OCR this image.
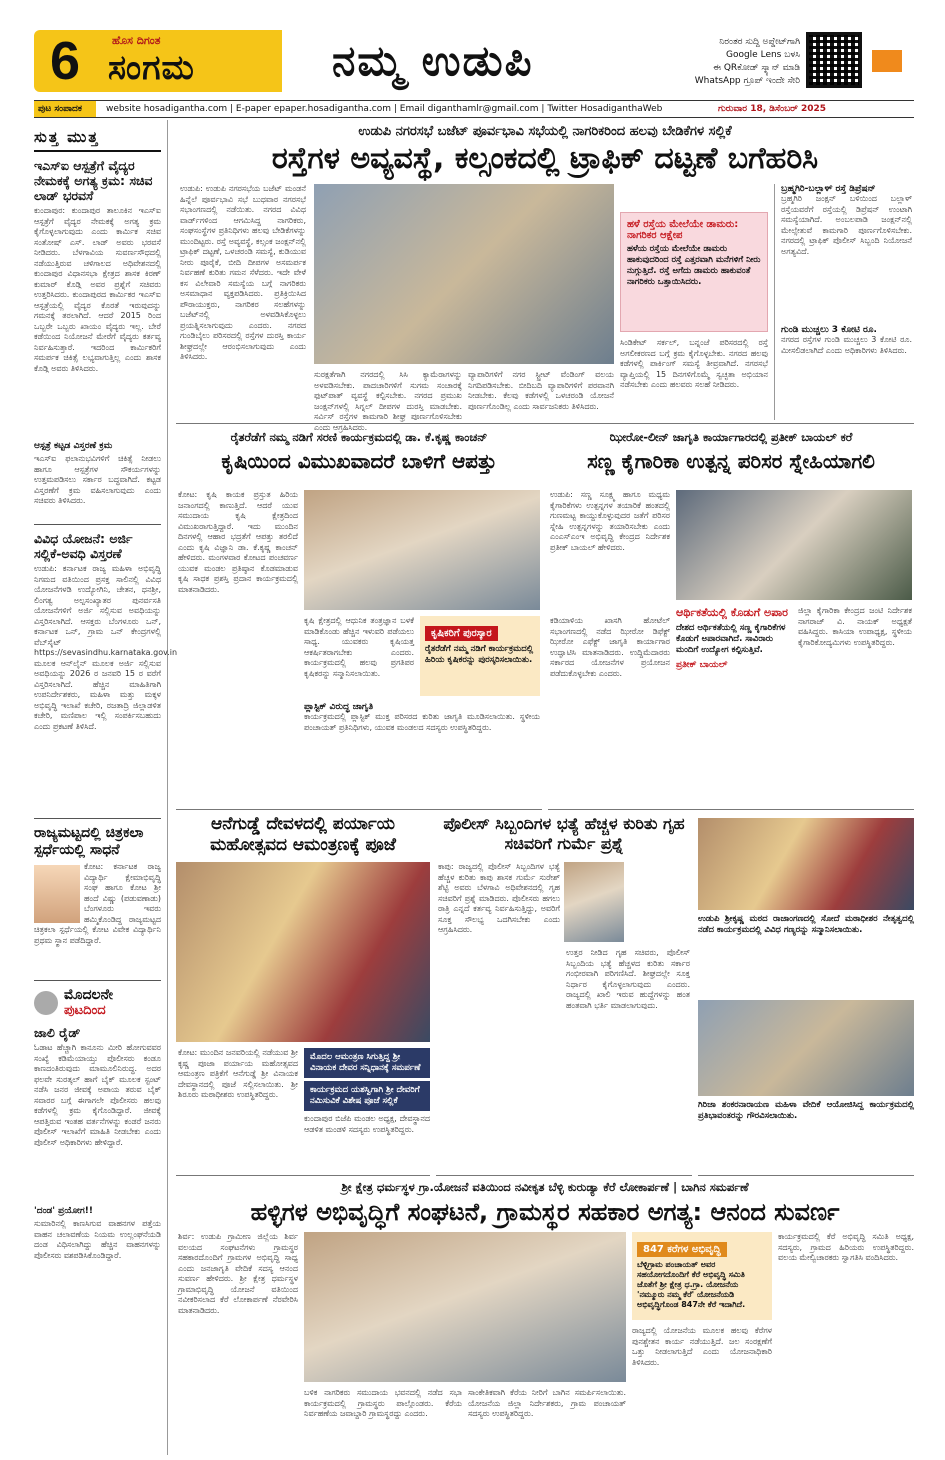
6	ಹೊಸ ದಿಗಂತ
ಸಂಗಮ	ನಮ್ಮ ಉಡುಪಿ	ನಿರಂತರ ಸುದ್ದಿ ಅಪ್ಡೇಟ್‌ಗಾಗಿ
Google Lens ಬಳಸಿ
ಈ QRಕೋಡ್ ಸ್ಕ್ಯಾನ್ ಮಾಡಿ
WhatsApp ಗ್ರೂಪ್ ಇಂದೇ ಸೇರಿ
ಪುಟ ಸಂಪಾದಕ	website hosadigantha.com | E-paper epaper.hosadigantha.com | Email diganthamlr@gmail.com | Twitter HosadiganthaWeb	ಗುರುವಾರ 18, ಡಿಸೆಂಬರ್ 2025
ಸುತ್ತ ಮುತ್ತ
ಇಎಸ್‌ಐ ಆಸ್ಪತ್ರೆಗೆ ವೈದ್ಯರ ನೇಮಕಕ್ಕೆ ಅಗತ್ಯ ಕ್ರಮ: ಸಚಿವ ಲಾಡ್ ಭರವಸೆ
ಕುಂದಾಪುರ: ಕುಂದಾಪುರ ತಾಲೂಕಿನ ಇಎಸ್‌ಐ ಆಸ್ಪತ್ರೆಗೆ ವೈದ್ಯರ ನೇಮಕಕ್ಕೆ ಅಗತ್ಯ ಕ್ರಮ ಕೈಗೊಳ್ಳಲಾಗುವುದು ಎಂದು ಕಾರ್ಮಿಕ ಸಚಿವ ಸಂತೋಷ್ ಎಸ್. ಲಾಡ್ ಅವರು ಭರವಸೆ ನೀಡಿದರು. ಬೆಳಗಾವಿಯ ಸುವರ್ಣಸೌಧದಲ್ಲಿ ನಡೆಯುತ್ತಿರುವ ಚಳಿಗಾಲದ ಅಧಿವೇಶನದಲ್ಲಿ ಕುಂದಾಪುರ ವಿಧಾನಸಭಾ ಕ್ಷೇತ್ರದ ಶಾಸಕ ಕಿರಣ್ ಕುಮಾರ್ ಕೊಡ್ಗಿ ಅವರ ಪ್ರಶ್ನೆಗೆ ಸಚಿವರು ಉತ್ತರಿಸಿದರು. ಕುಂದಾಪುರದ ಕಾರ್ಮಿಕರ ಇಎಸ್‌ಐ ಆಸ್ಪತ್ರೆಯಲ್ಲಿ ವೈದ್ಯರ ಕೊರತೆ ಇರುವುದನ್ನು ಗಮನಕ್ಕೆ ತರಲಾಗಿದೆ. ಆದರೆ 2015 ರಿಂದ ಒಬ್ಬರೇ ಒಬ್ಬರು ಖಾಯಂ ವೈದ್ಯರು ಇಲ್ಲ. ಬೇರೆ ಕಡೆಯಿಂದ ನಿಯೋಜನೆ ಮೇರೆಗೆ ವೈದ್ಯರು ಕರ್ತವ್ಯ ನಿರ್ವಹಿಸುತ್ತಾರೆ. ಇದರಿಂದ ಕಾರ್ಮಿಕರಿಗೆ ಸಮರ್ಪಕ ಚಿಕಿತ್ಸೆ ಲಭ್ಯವಾಗುತ್ತಿಲ್ಲ ಎಂದು ಶಾಸಕ ಕೊಡ್ಗಿ ಅವರು ತಿಳಿಸಿದರು.
ಆಸ್ಪತ್ರೆ ಕಟ್ಟಡ ವಿಸ್ತರಣೆ ಕ್ರಮ
ಇಎಸ್‌ಐ ಫಲಾನುಭವಿಗಳಿಗೆ ಚಿಕಿತ್ಸೆ ನೀಡಲು ಹಾಗೂ ಆಸ್ಪತ್ರೆಗಳ ಸೌಕರ್ಯಗಳನ್ನು ಉತ್ತಮಪಡಿಸಲು ಸರ್ಕಾರ ಬದ್ಧವಾಗಿದೆ. ಕಟ್ಟಡ ವಿಸ್ತರಣೆಗೆ ಕ್ರಮ ವಹಿಸಲಾಗುವುದು ಎಂದು ಸಚಿವರು ತಿಳಿಸಿದರು.
ವಿವಿಧ ಯೋಜನೆ: ಅರ್ಜಿ ಸಲ್ಲಿಕೆ-ಅವಧಿ ವಿಸ್ತರಣೆ
ಉಡುಪಿ: ಕರ್ನಾಟಕ ರಾಜ್ಯ ಮಹಿಳಾ ಅಭಿವೃದ್ಧಿ ನಿಗಮದ ವತಿಯಿಂದ ಪ್ರಸಕ್ತ ಸಾಲಿನಲ್ಲಿ ವಿವಿಧ ಯೋಜನೆಗಳಡಿ ಉದ್ಯೋಗಿನಿ, ಚೇತನ, ಧನಶ್ರೀ, ಲಿಂಗತ್ವ ಅಲ್ಪಸಂಖ್ಯಾತರ ಪುನರ್ವಸತಿ ಯೋಜನೆಗಳಿಗೆ ಅರ್ಜಿ ಸಲ್ಲಿಸುವ ಅವಧಿಯನ್ನು ವಿಸ್ತರಿಸಲಾಗಿದೆ. ಆಸಕ್ತರು ಬೆಂಗಳೂರು ಒನ್, ಕರ್ನಾಟಕ ಒನ್, ಗ್ರಾಮ ಒನ್ ಕೇಂದ್ರಗಳಲ್ಲಿ ವೆಬ್‌ಸೈಟ್ https://sevasindhu.karnataka.gov.in ಮೂಲಕ ಆನ್‌ಲೈನ್ ಮೂಲಕ ಅರ್ಜಿ ಸಲ್ಲಿಸುವ ಅವಧಿಯನ್ನು 2026 ರ ಜನವರಿ 15 ರ ವರೆಗೆ ವಿಸ್ತರಿಸಲಾಗಿದೆ. ಹೆಚ್ಚಿನ ಮಾಹಿತಿಗಾಗಿ ಉಪನಿರ್ದೇಶಕರು, ಮಹಿಳಾ ಮತ್ತು ಮಕ್ಕಳ ಅಭಿವೃದ್ಧಿ ಇಲಾಖೆ ಕಚೇರಿ, ರಜತಾದ್ರಿ ಜಿಲ್ಲಾಡಳಿತ ಕಚೇರಿ, ಮಣಿಪಾಲ ಇಲ್ಲಿ ಸಂಪರ್ಕಿಸಬಹುದು ಎಂದು ಪ್ರಕಟಣೆ ತಿಳಿಸಿದೆ.
ರಾಜ್ಯಮಟ್ಟದಲ್ಲಿ ಚಿತ್ರಕಲಾ ಸ್ಪರ್ಧೆಯಲ್ಲಿ ಸಾಧನೆ
ಕೋಟ: ಕರ್ನಾಟಕ ರಾಜ್ಯ ವಿದ್ಯಾರ್ಥಿ ಕ್ಷೇಮಾಭಿವೃದ್ಧಿ ಸಂಘ ಹಾಗೂ ಕೋಟ ಶ್ರೀ ಹಂದೆ ವಿಷ್ಣು (ಪಡುವಣಾಡು) ಬೆಂಗಳೂರು ಇವರು ಹಮ್ಮಿಕೊಂಡಿದ್ದ ರಾಜ್ಯಮಟ್ಟದ ಚಿತ್ರಕಲಾ ಸ್ಪರ್ಧೆಯಲ್ಲಿ ಕೋಟ ವಿವೇಕ ವಿದ್ಯಾರ್ಥಿನಿ ಪ್ರಥಮ ಸ್ಥಾನ ಪಡೆದಿದ್ದಾರೆ.
ಮೊದಲನೇ
ಪುಟದಿಂದ
ಜಾಲಿ ರೈಡ್
ಓಡಾಟ ಹೆಚ್ಚಾಗಿ ಕಾನೂನು ಮೀರಿ ಹೋಗುವವರ ಸಂಖ್ಯೆ ಕಡಿಮೆಯಾಯ್ತು ಪೊಲೀಸರು ಕಂಡೂ ಕಾಣದಂತಿರುವುದು ಮಾಮೂಲಿನಿರುದ್ಧ. ಅದರ ಫಲವೇ ಸುರತ್ಕಲ್ ಹಾಗೆ ಬೈಕ್ ಮೂಲಕ ಸ್ಟಂಟ್ ನಡೆಸಿ ಜನರ ಜೀವಕ್ಕೆ ಅಪಾಯ ತರುವ ಬೈಕ್ ಸವಾರರ ಬಗ್ಗೆ ಈಗಾಗಲೇ ಪೊಲೀಸರು ಹಲವು ಕಡೆಗಳಲ್ಲಿ ಕ್ರಮ ಕೈಗೊಂಡಿದ್ದಾರೆ. ಜೀವಕ್ಕೆ ಆಪತ್ತಿರುವ ಇಂತಹ ವರ್ತನೆಗಳನ್ನು ಕಂಡರೆ ಜನರು ಪೊಲೀಸ್ ಇಲಾಖೆಗೆ ಮಾಹಿತಿ ನೀಡಬೇಕು ಎಂದು ಪೊಲೀಸ್ ಅಧಿಕಾರಿಗಳು ಹೇಳಿದ್ದಾರೆ.
'ದಂಡ' ಪ್ರಯೋಗ!!
ಸುಮಾರಿನಲ್ಲಿ ಕಾಣಸಿಗುವ ವಾಹನಗಳ ಪತ್ತೆಯ ವಾಹನ ಚಲಾವಣೆಯ ನಿಯಮ ಉಲ್ಲಂಘನೆಯಡಿ ದಂಡ ವಿಧಿಸಲಾಗಿದ್ದು ಹೆಚ್ಚಿನ ವಾಹನಗಳನ್ನು ಪೊಲೀಸರು ವಶಪಡಿಸಿಕೊಂಡಿದ್ದಾರೆ.
ಉಡುಪಿ ನಗರಸಭೆ ಬಜೆಟ್ ಪೂರ್ವಭಾವಿ ಸಭೆಯಲ್ಲಿ ನಾಗರಿಕರಿಂದ ಹಲವು ಬೇಡಿಕೆಗಳ ಸಲ್ಲಿಕೆ
ರಸ್ತೆಗಳ ಅವ್ಯವಸ್ಥೆ, ಕಲ್ಸಂಕದಲ್ಲಿ ಟ್ರಾಫಿಕ್ ದಟ್ಟಣೆ ಬಗೆಹರಿಸಿ
ಉಡುಪಿ: ಉಡುಪಿ ನಗರಸಭೆಯ ಬಜೆಟ್ ಮಂಡನೆ ಹಿನ್ನೆಲೆ ಪೂರ್ವಭಾವಿ ಸಭೆ ಬುಧವಾರ ನಗರಸಭೆ ಸಭಾಂಗಣದಲ್ಲಿ ನಡೆಯಿತು. ನಗರದ ವಿವಿಧ ವಾರ್ಡ್‌ಗಳಿಂದ ಆಗಮಿಸಿದ್ದ ನಾಗರಿಕರು, ಸಂಘಸಂಸ್ಥೆಗಳ ಪ್ರತಿನಿಧಿಗಳು ಹಲವು ಬೇಡಿಕೆಗಳನ್ನು ಮುಂದಿಟ್ಟರು. ರಸ್ತೆ ಅವ್ಯವಸ್ಥೆ, ಕಲ್ಸಂಕ ಜಂಕ್ಷನ್‌ನಲ್ಲಿ ಟ್ರಾಫಿಕ್ ದಟ್ಟಣೆ, ಒಳಚರಂಡಿ ಸಮಸ್ಯೆ, ಕುಡಿಯುವ ನೀರು ಪೂರೈಕೆ, ಬೀದಿ ದೀಪಗಳ ಅಸಮರ್ಪಕ ನಿರ್ವಹಣೆ ಕುರಿತು ಗಮನ ಸೆಳೆದರು. ಇದೇ ವೇಳೆ ಕಸ ವಿಲೇವಾರಿ ಸಮಸ್ಯೆಯ ಬಗ್ಗೆ ನಾಗರಿಕರು ಅಸಮಾಧಾನ ವ್ಯಕ್ತಪಡಿಸಿದರು. ಪ್ರತಿಕ್ರಿಯಿಸಿದ ಪೌರಾಯುಕ್ತರು, ನಾಗರಿಕರ ಸಲಹೆಗಳನ್ನು ಬಜೆಟ್‌ನಲ್ಲಿ ಅಳವಡಿಸಿಕೊಳ್ಳಲು ಪ್ರಯತ್ನಿಸಲಾಗುವುದು ಎಂದರು. ನಗರದ ಗುಂಡಿಬೈಲು ಪರಿಸರದಲ್ಲಿ ರಸ್ತೆಗಳ ದುರಸ್ತಿ ಕಾರ್ಯ ಶೀಘ್ರದಲ್ಲೇ ಆರಂಭಿಸಲಾಗುವುದು ಎಂದು ತಿಳಿಸಿದರು.
ಸುರಕ್ಷತೆಗಾಗಿ ನಗರದಲ್ಲಿ ಸಿಸಿ ಕ್ಯಾಮೆರಾಗಳನ್ನು ಅಳವಡಿಸಬೇಕು. ಪಾದಚಾರಿಗಳಿಗೆ ಸುಗಮ ಸಂಚಾರಕ್ಕೆ ಫುಟ್‌ಪಾತ್ ವ್ಯವಸ್ಥೆ ಕಲ್ಪಿಸಬೇಕು. ನಗರದ ಪ್ರಮುಖ ಜಂಕ್ಷನ್‌ಗಳಲ್ಲಿ ಸಿಗ್ನಲ್ ದೀಪಗಳ ದುರಸ್ತಿ ಮಾಡಬೇಕು. ಸರ್ವಿಸ್ ರಸ್ತೆಗಳ ಕಾಮಗಾರಿ ಶೀಘ್ರ ಪೂರ್ಣಗೊಳಿಸಬೇಕು ಎಂದು ಆಗ್ರಹಿಸಿದರು.
ವ್ಯಾಪಾರಿಗಳಿಗೆ ನಗರ ಸ್ಟ್ರೀಟ್ ವೆಂಡಿಂಗ್ ವಲಯ ನಿಗದಿಪಡಿಸಬೇಕು. ಬೀದಿಬದಿ ವ್ಯಾಪಾರಿಗಳಿಗೆ ಪರವಾನಗಿ ನೀಡಬೇಕು. ಕೆಲವು ಕಡೆಗಳಲ್ಲಿ ಒಳಚರಂಡಿ ಯೋಜನೆ ಪೂರ್ಣಗೊಂಡಿಲ್ಲ ಎಂದು ಸಾರ್ವಜನಿಕರು ತಿಳಿಸಿದರು.
ಹಳೆ ರಸ್ತೆಯ ಮೇಲೆಯೇ ಡಾಮರು: ನಾಗರಿಕರ ಆಕ್ಷೇಪ
ಹಳೆಯ ರಸ್ತೆಯ ಮೇಲೆಯೇ ಡಾಮರು ಹಾಕುವುದರಿಂದ ರಸ್ತೆ ಎತ್ತರವಾಗಿ ಮನೆಗಳಿಗೆ ನೀರು ನುಗ್ಗುತ್ತಿದೆ. ರಸ್ತೆ ಅಗೆದು ಡಾಮರು ಹಾಕುವಂತೆ ನಾಗರಿಕರು ಒತ್ತಾಯಿಸಿದರು.
ಸಿಂಡಿಕೇಟ್ ಸರ್ಕಲ್, ಬನ್ನಂಜೆ ಪರಿಸರದಲ್ಲಿ ರಸ್ತೆ ಅಗಲೀಕರಣದ ಬಗ್ಗೆ ಕ್ರಮ ಕೈಗೊಳ್ಳಬೇಕು. ನಗರದ ಹಲವು ಕಡೆಗಳಲ್ಲಿ ಪಾರ್ಕಿಂಗ್ ಸಮಸ್ಯೆ ತೀವ್ರವಾಗಿದೆ. ನಗರಸಭೆ ವ್ಯಾಪ್ತಿಯಲ್ಲಿ 15 ದಿನಗಳಿಗೊಮ್ಮೆ ಸ್ವಚ್ಛತಾ ಅಭಿಯಾನ ನಡೆಸಬೇಕು ಎಂದು ಹಲವರು ಸಲಹೆ ನೀಡಿದರು.
ಬ್ರಹ್ಮಗಿರಿ-ಬಲ್ಲಾಳ್ ರಸ್ತೆ ಡಿಪ್ರೆಷನ್
ಬ್ರಹ್ಮಗಿರಿ ಜಂಕ್ಷನ್ ಬಳಿಯಿಂದ ಬಲ್ಲಾಳ್ ರಸ್ತೆಯವರೆಗೆ ರಸ್ತೆಯಲ್ಲಿ ಡಿಪ್ರೆಷನ್ ಉಂಟಾಗಿ ಸಮಸ್ಯೆಯಾಗಿದೆ. ಅಂಬಲಪಾಡಿ ಜಂಕ್ಷನ್‌ನಲ್ಲಿ ಮೇಲ್ಸೇತುವೆ ಕಾಮಗಾರಿ ಪೂರ್ಣಗೊಳಿಸಬೇಕು. ನಗರದಲ್ಲಿ ಟ್ರಾಫಿಕ್ ಪೊಲೀಸ್ ಸಿಬ್ಬಂದಿ ನಿಯೋಜನೆ ಅಗತ್ಯವಿದೆ.
ಗುಂಡಿ ಮುಚ್ಚಲು 3 ಕೋಟಿ ರೂ.
ನಗರದ ರಸ್ತೆಗಳ ಗುಂಡಿ ಮುಚ್ಚಲು 3 ಕೋಟಿ ರೂ. ಮೀಸಲಿಡಲಾಗಿದೆ ಎಂದು ಅಧಿಕಾರಿಗಳು ತಿಳಿಸಿದರು.
ರೈತರೆಡೆಗೆ ನಮ್ಮ ನಡಿಗೆ ಸರಣಿ ಕಾರ್ಯಕ್ರಮದಲ್ಲಿ ಡಾ. ಕೆ.ಕೃಷ್ಣ ಕಾಂಚನ್
ಕೃಷಿಯಿಂದ ವಿಮುಖವಾದರೆ ಬಾಳಿಗೆ ಆಪತ್ತು
ಕೋಟ: ಕೃಷಿ ಕಾಯಕ ಪ್ರಸ್ತುತ ಹಿರಿಯ ಜನಾಂಗದಲ್ಲಿ ಕಾಣುತ್ತಿದೆ. ಆದರೆ ಯುವ ಸಮುದಾಯ ಕೃಷಿ ಕ್ಷೇತ್ರದಿಂದ ವಿಮುಖರಾಗುತ್ತಿದ್ದಾರೆ. ಇದು ಮುಂದಿನ ದಿನಗಳಲ್ಲಿ ಆಹಾರ ಭದ್ರತೆಗೆ ಆಪತ್ತು ತರಲಿದೆ ಎಂದು ಕೃಷಿ ವಿಜ್ಞಾನಿ ಡಾ. ಕೆ.ಕೃಷ್ಣ ಕಾಂಚನ್ ಹೇಳಿದರು. ಮಂಗಳವಾರ ಕೋಟದ ಪಂಚವರ್ಣ ಯುವಕ ಮಂಡಲ ಪ್ರತಿಷ್ಠಾನ ಕೊಡಮಾಡುವ ಕೃಷಿ ಸಾಧಕ ಪ್ರಶಸ್ತಿ ಪ್ರದಾನ ಕಾರ್ಯಕ್ರಮದಲ್ಲಿ ಮಾತನಾಡಿದರು.
ಕೃಷಿ ಕ್ಷೇತ್ರದಲ್ಲಿ ಆಧುನಿಕ ತಂತ್ರಜ್ಞಾನ ಬಳಕೆ ಮಾಡಿಕೊಂಡು ಹೆಚ್ಚಿನ ಇಳುವರಿ ಪಡೆಯಲು ಸಾಧ್ಯ. ಯುವಕರು ಕೃಷಿಯತ್ತ ಆಕರ್ಷಿತರಾಗಬೇಕು ಎಂದರು. ಕಾರ್ಯಕ್ರಮದಲ್ಲಿ ಹಲವು ಪ್ರಗತಿಪರ ಕೃಷಿಕರನ್ನು ಸನ್ಮಾನಿಸಲಾಯಿತು.
ಕೃಷಿಕರಿಗೆ ಪುರಸ್ಕಾರ
ರೈತರೆಡೆಗೆ ನಮ್ಮ ನಡಿಗೆ ಕಾರ್ಯಕ್ರಮದಲ್ಲಿ ಹಿರಿಯ ಕೃಷಿಕರನ್ನು ಪುರಸ್ಕರಿಸಲಾಯಿತು.
ಪ್ಲಾಸ್ಟಿಕ್ ವಿರುದ್ಧ ಜಾಗೃತಿ
ಕಾರ್ಯಕ್ರಮದಲ್ಲಿ ಪ್ಲಾಸ್ಟಿಕ್ ಮುಕ್ತ ಪರಿಸರದ ಕುರಿತು ಜಾಗೃತಿ ಮೂಡಿಸಲಾಯಿತು. ಸ್ಥಳೀಯ ಪಂಚಾಯತ್ ಪ್ರತಿನಿಧಿಗಳು, ಯುವಕ ಮಂಡಲದ ಸದಸ್ಯರು ಉಪಸ್ಥಿತರಿದ್ದರು.
ಝೀರೋ-ಲೀನ್ ಜಾಗೃತಿ ಕಾರ್ಯಾಗಾರದಲ್ಲಿ ಪ್ರತೀಕ್ ಬಾಯಲ್ ಕರೆ
ಸಣ್ಣ ಕೈಗಾರಿಕಾ ಉತ್ಪನ್ನ ಪರಿಸರ ಸ್ನೇಹಿಯಾಗಲಿ
ಉಡುಪಿ: ಸಣ್ಣ ಸೂಕ್ಷ್ಮ ಹಾಗೂ ಮಧ್ಯಮ ಕೈಗಾರಿಕೆಗಳು ಉತ್ಪನ್ನಗಳ ತಯಾರಿಕೆ ಹಂತದಲ್ಲಿ ಗುಣಮಟ್ಟ ಕಾಯ್ದುಕೊಳ್ಳುವುದರ ಜತೆಗೆ ಪರಿಸರ ಸ್ನೇಹಿ ಉತ್ಪನ್ನಗಳನ್ನು ತಯಾರಿಸಬೇಕು ಎಂದು ಎಂಎಸ್‌ಎಂಇ ಅಭಿವೃದ್ಧಿ ಕೇಂದ್ರದ ನಿರ್ದೇಶಕ ಪ್ರತೀಕ್ ಬಾಯಲ್ ಹೇಳಿದರು.
ಕಡಿಯಾಳಿಯ ಖಾಸಗಿ ಹೋಟೆಲ್ ಸಭಾಂಗಣದಲ್ಲಿ ನಡೆದ ಝೀರೋ ಡಿಫೆಕ್ಟ್ ಝೀರೋ ಎಫೆಕ್ಟ್ ಜಾಗೃತಿ ಕಾರ್ಯಾಗಾರ ಉದ್ಘಾಟಿಸಿ ಮಾತನಾಡಿದರು. ಉದ್ದಿಮೆದಾರರು ಸರ್ಕಾರದ ಯೋಜನೆಗಳ ಪ್ರಯೋಜನ ಪಡೆದುಕೊಳ್ಳಬೇಕು ಎಂದರು.
ಆರ್ಥಿಕತೆಯಲ್ಲಿ ಕೊಡುಗೆ ಅಪಾರ
ದೇಶದ ಆರ್ಥಿಕತೆಯಲ್ಲಿ ಸಣ್ಣ ಕೈಗಾರಿಕೆಗಳ ಕೊಡುಗೆ ಅಪಾರವಾಗಿದೆ. ಸಾವಿರಾರು ಮಂದಿಗೆ ಉದ್ಯೋಗ ಕಲ್ಪಿಸುತ್ತಿವೆ.
ಪ್ರತೀಕ್ ಬಾಯಲ್
ಜಿಲ್ಲಾ ಕೈಗಾರಿಕಾ ಕೇಂದ್ರದ ಜಂಟಿ ನಿರ್ದೇಶಕ ನಾಗರಾಜ್ ವಿ. ನಾಯಕ್ ಅಧ್ಯಕ್ಷತೆ ವಹಿಸಿದ್ದರು. ಕಾಸಿಯಾ ಉಪಾಧ್ಯಕ್ಷ, ಸ್ಥಳೀಯ ಕೈಗಾರಿಕೋದ್ಯಮಿಗಳು ಉಪಸ್ಥಿತರಿದ್ದರು.
ಆನೆಗುಡ್ಡೆ ದೇವಳದಲ್ಲಿ ಪರ್ಯಾಯ ಮಹೋತ್ಸವದ ಆಮಂತ್ರಣಕ್ಕೆ ಪೂಜೆ
ಕೋಟ: ಮುಂದಿನ ಜನವರಿಯಲ್ಲಿ ನಡೆಯುವ ಶ್ರೀ ಕೃಷ್ಣ ಪೂಜಾ ಪರ್ಯಾಯ ಮಹೋತ್ಸವದ ಆಮಂತ್ರಣ ಪತ್ರಿಕೆಗೆ ಆನೆಗುಡ್ಡೆ ಶ್ರೀ ವಿನಾಯಕ ದೇವಸ್ಥಾನದಲ್ಲಿ ಪೂಜೆ ಸಲ್ಲಿಸಲಾಯಿತು. ಶ್ರೀ ಶಿರೂರು ಮಠಾಧೀಶರು ಉಪಸ್ಥಿತರಿದ್ದರು.
ಮೊದಲ ಆಮಂತ್ರಣ ಸಿಗುತ್ತಿದ್ದ ಶ್ರೀ ವಿನಾಯಕ ದೇವರ ಸನ್ನಿಧಾನಕ್ಕೆ ಸಮರ್ಪಣೆ
ಕಾರ್ಯಕ್ರಮದ ಯಶಸ್ವಿಗಾಗಿ ಶ್ರೀ ದೇವರಿಗೆ ನಮಿಸುವಿಕೆ ವಿಶೇಷ ಪೂಜೆ ಸಲ್ಲಿಕೆ
ಕುಂದಾಪುರ ಬಿಜೆಪಿ ಮಂಡಲ ಅಧ್ಯಕ್ಷ, ದೇವಸ್ಥಾನದ ಆಡಳಿತ ಮಂಡಳಿ ಸದಸ್ಯರು ಉಪಸ್ಥಿತರಿದ್ದರು.
ಪೊಲೀಸ್ ಸಿಬ್ಬಂದಿಗಳ ಭತ್ಯೆ ಹೆಚ್ಚಳ ಕುರಿತು ಗೃಹ ಸಚಿವರಿಗೆ ಗುರ್ಮೆ ಪ್ರಶ್ನೆ
ಕಾಪು: ರಾಜ್ಯದಲ್ಲಿ ಪೊಲೀಸ್ ಸಿಬ್ಬಂದಿಗಳ ಭತ್ಯೆ ಹೆಚ್ಚಳ ಕುರಿತು ಕಾಪು ಶಾಸಕ ಗುರ್ಮೆ ಸುರೇಶ್ ಶೆಟ್ಟಿ ಅವರು ಬೆಳಗಾವಿ ಅಧಿವೇಶನದಲ್ಲಿ ಗೃಹ ಸಚಿವರಿಗೆ ಪ್ರಶ್ನೆ ಮಾಡಿದರು. ಪೊಲೀಸರು ಹಗಲು ರಾತ್ರಿ ಎನ್ನದೆ ಕರ್ತವ್ಯ ನಿರ್ವಹಿಸುತ್ತಿದ್ದು, ಅವರಿಗೆ ಸೂಕ್ತ ಸೌಲಭ್ಯ ಒದಗಿಸಬೇಕು ಎಂದು ಆಗ್ರಹಿಸಿದರು.
ಉತ್ತರ ನೀಡಿದ ಗೃಹ ಸಚಿವರು, ಪೊಲೀಸ್ ಸಿಬ್ಬಂದಿಯ ಭತ್ಯೆ ಹೆಚ್ಚಳದ ಕುರಿತು ಸರ್ಕಾರ ಗಂಭೀರವಾಗಿ ಪರಿಗಣಿಸಿದೆ. ಶೀಘ್ರದಲ್ಲೇ ಸೂಕ್ತ ನಿರ್ಧಾರ ಕೈಗೊಳ್ಳಲಾಗುವುದು ಎಂದರು. ರಾಜ್ಯದಲ್ಲಿ ಖಾಲಿ ಇರುವ ಹುದ್ದೆಗಳನ್ನು ಹಂತ ಹಂತವಾಗಿ ಭರ್ತಿ ಮಾಡಲಾಗುವುದು.
ಉಡುಪಿ ಶ್ರೀಕೃಷ್ಣ ಮಠದ ರಾಜಾಂಗಣದಲ್ಲಿ ಸೋದೆ ಮಠಾಧೀಶರ ನೇತೃತ್ವದಲ್ಲಿ ನಡೆದ ಕಾರ್ಯಕ್ರಮದಲ್ಲಿ ವಿವಿಧ ಗಣ್ಯರನ್ನು ಸನ್ಮಾನಿಸಲಾಯಿತು.
ಗಿರಿಜಾ ಶಂಕರನಾರಾಯಣ ಮಹಿಳಾ ವೇದಿಕೆ ಆಯೋಜಿಸಿದ್ದ ಕಾರ್ಯಕ್ರಮದಲ್ಲಿ ಪ್ರತಿಭಾವಂತರನ್ನು ಗೌರವಿಸಲಾಯಿತು.
ಶ್ರೀ ಕ್ಷೇತ್ರ ಧರ್ಮಸ್ಥಳ ಗ್ರಾ.ಯೋಜನೆ ವತಿಯಿಂದ ನವೀಕೃತ ಬೆಳ್ಳಿ ಕುರುಡ್ಯಾ ಕೆರೆ ಲೋಕಾರ್ಪಣೆ | ಬಾಗಿನ ಸಮರ್ಪಣೆ
ಹಳ್ಳಿಗಳ ಅಭಿವೃದ್ಧಿಗೆ ಸಂಘಟನೆ, ಗ್ರಾಮಸ್ಥರ ಸಹಕಾರ ಅಗತ್ಯ: ಆನಂದ ಸುವರ್ಣ
ಶಿರ್ವ: ಉಡುಪಿ ಗ್ರಾಮೀಣ ಜಿಲ್ಲೆಯ ಶಿರ್ವ ವಲಯದ ಸಂಘಟನೆಗಳು ಗ್ರಾಮಸ್ಥರ ಸಹಕಾರದೊಂದಿಗೆ ಗ್ರಾಮಗಳ ಅಭಿವೃದ್ಧಿ ಸಾಧ್ಯ ಎಂದು ಜನಜಾಗೃತಿ ವೇದಿಕೆ ಸದಸ್ಯ ಆನಂದ ಸುವರ್ಣ ಹೇಳಿದರು. ಶ್ರೀ ಕ್ಷೇತ್ರ ಧರ್ಮಸ್ಥಳ ಗ್ರಾಮಾಭಿವೃದ್ಧಿ ಯೋಜನೆ ವತಿಯಿಂದ ನವೀಕರಿಸಲಾದ ಕೆರೆ ಲೋಕಾರ್ಪಣೆ ನೆರವೇರಿಸಿ ಮಾತನಾಡಿದರು.
ಬಳಿಕ ನಾಗರಿಕರು ಸಮುದಾಯ ಭವನದಲ್ಲಿ ನಡೆದ ಸಭಾ ಕಾರ್ಯಕ್ರಮದಲ್ಲಿ ಗ್ರಾಮಸ್ಥರು ಪಾಲ್ಗೊಂಡರು. ಕೆರೆಯ ನಿರ್ವಹಣೆಯ ಜವಾಬ್ದಾರಿ ಗ್ರಾಮಸ್ಥರದ್ದು ಎಂದರು.
ಸಾಂಕೇತಿಕವಾಗಿ ಕೆರೆಯ ನೀರಿಗೆ ಬಾಗಿನ ಸಮರ್ಪಿಸಲಾಯಿತು. ಯೋಜನೆಯ ಜಿಲ್ಲಾ ನಿರ್ದೇಶಕರು, ಗ್ರಾಮ ಪಂಚಾಯತ್ ಸದಸ್ಯರು ಉಪಸ್ಥಿತರಿದ್ದರು.
847 ಕರೆಗಳ ಅಭಿವೃದ್ಧಿ
ಬೆಳ್ಳಿಗ್ರಾಮ ಪಂಚಾಯತ್ ಅವರ ಸಹಯೋಗದೊಂದಿಗೆ ಕೆರೆ ಅಭಿವೃದ್ಧಿ ಸಮಿತಿ ಜೊತೆಗೆ ಶ್ರೀ ಕ್ಷೇತ್ರ ಧ.ಗ್ರಾ. ಯೋಜನೆಯ 'ನಮ್ಮೂರು ನಮ್ಮ ಕೆರೆ' ಯೋಜನೆಯಡಿ ಅಭಿವೃದ್ಧಿಗೊಂಡ 847ನೇ ಕೆರೆ ಇದಾಗಿದೆ.
ರಾಜ್ಯದಲ್ಲಿ ಯೋಜನೆಯ ಮೂಲಕ ಹಲವು ಕೆರೆಗಳ ಪುನಶ್ಚೇತನ ಕಾರ್ಯ ನಡೆಯುತ್ತಿದೆ. ಜಲ ಸಂರಕ್ಷಣೆಗೆ ಒತ್ತು ನೀಡಲಾಗುತ್ತಿದೆ ಎಂದು ಯೋಜನಾಧಿಕಾರಿ ತಿಳಿಸಿದರು.
ಕಾರ್ಯಕ್ರಮದಲ್ಲಿ ಕೆರೆ ಅಭಿವೃದ್ಧಿ ಸಮಿತಿ ಅಧ್ಯಕ್ಷ, ಸದಸ್ಯರು, ಗ್ರಾಮದ ಹಿರಿಯರು ಉಪಸ್ಥಿತರಿದ್ದರು. ವಲಯ ಮೇಲ್ವಿಚಾರಕರು ಸ್ವಾಗತಿಸಿ ವಂದಿಸಿದರು.
